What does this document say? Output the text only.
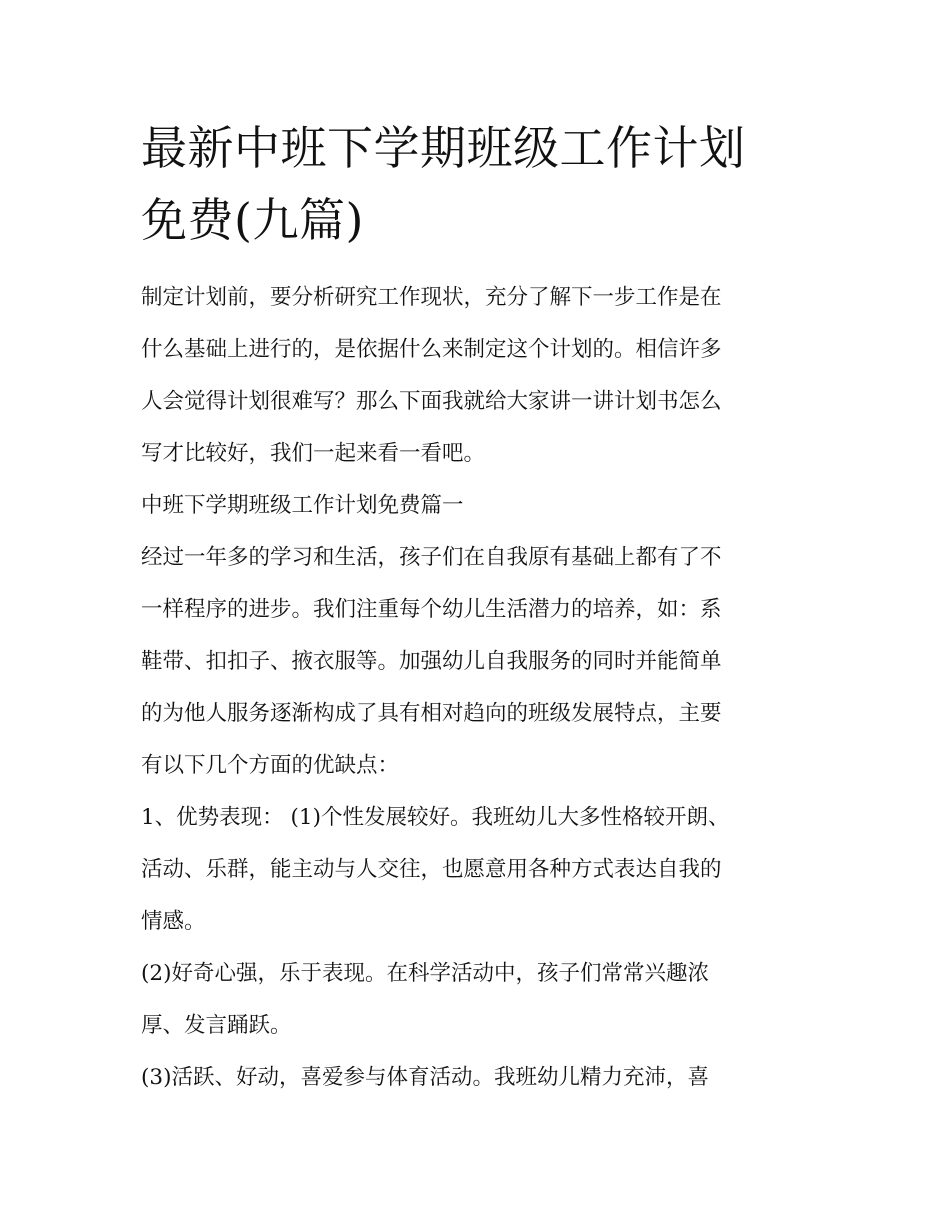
最新中班下学期班级工作计划
免费(九篇)

制定计划前，要分析研究工作现状，充分了解下一步工作是在
什么基础上进行的，是依据什么来制定这个计划的。相信许多
人会觉得计划很难写？那么下面我就给大家讲一讲计划书怎么
写才比较好，我们一起来看一看吧。

中班下学期班级工作计划免费篇一

经过一年多的学习和生活，孩子们在自我原有基础上都有了不
一样程序的进步。我们注重每个幼儿生活潜力的培养，如：系
鞋带、扣扣子、掖衣服等。加强幼儿自我服务的同时并能简单
的为他人服务逐渐构成了具有相对趋向的班级发展特点，主要
有以下几个方面的优缺点：

1、优势表现： (1)个性发展较好。我班幼儿大多性格较开朗、
活动、乐群，能主动与人交往，也愿意用各种方式表达自我的
情感。

(2)好奇心强，乐于表现。在科学活动中，孩子们常常兴趣浓
厚、发言踊跃。

(3)活跃、好动，喜爱参与体育活动。我班幼儿精力充沛，喜
